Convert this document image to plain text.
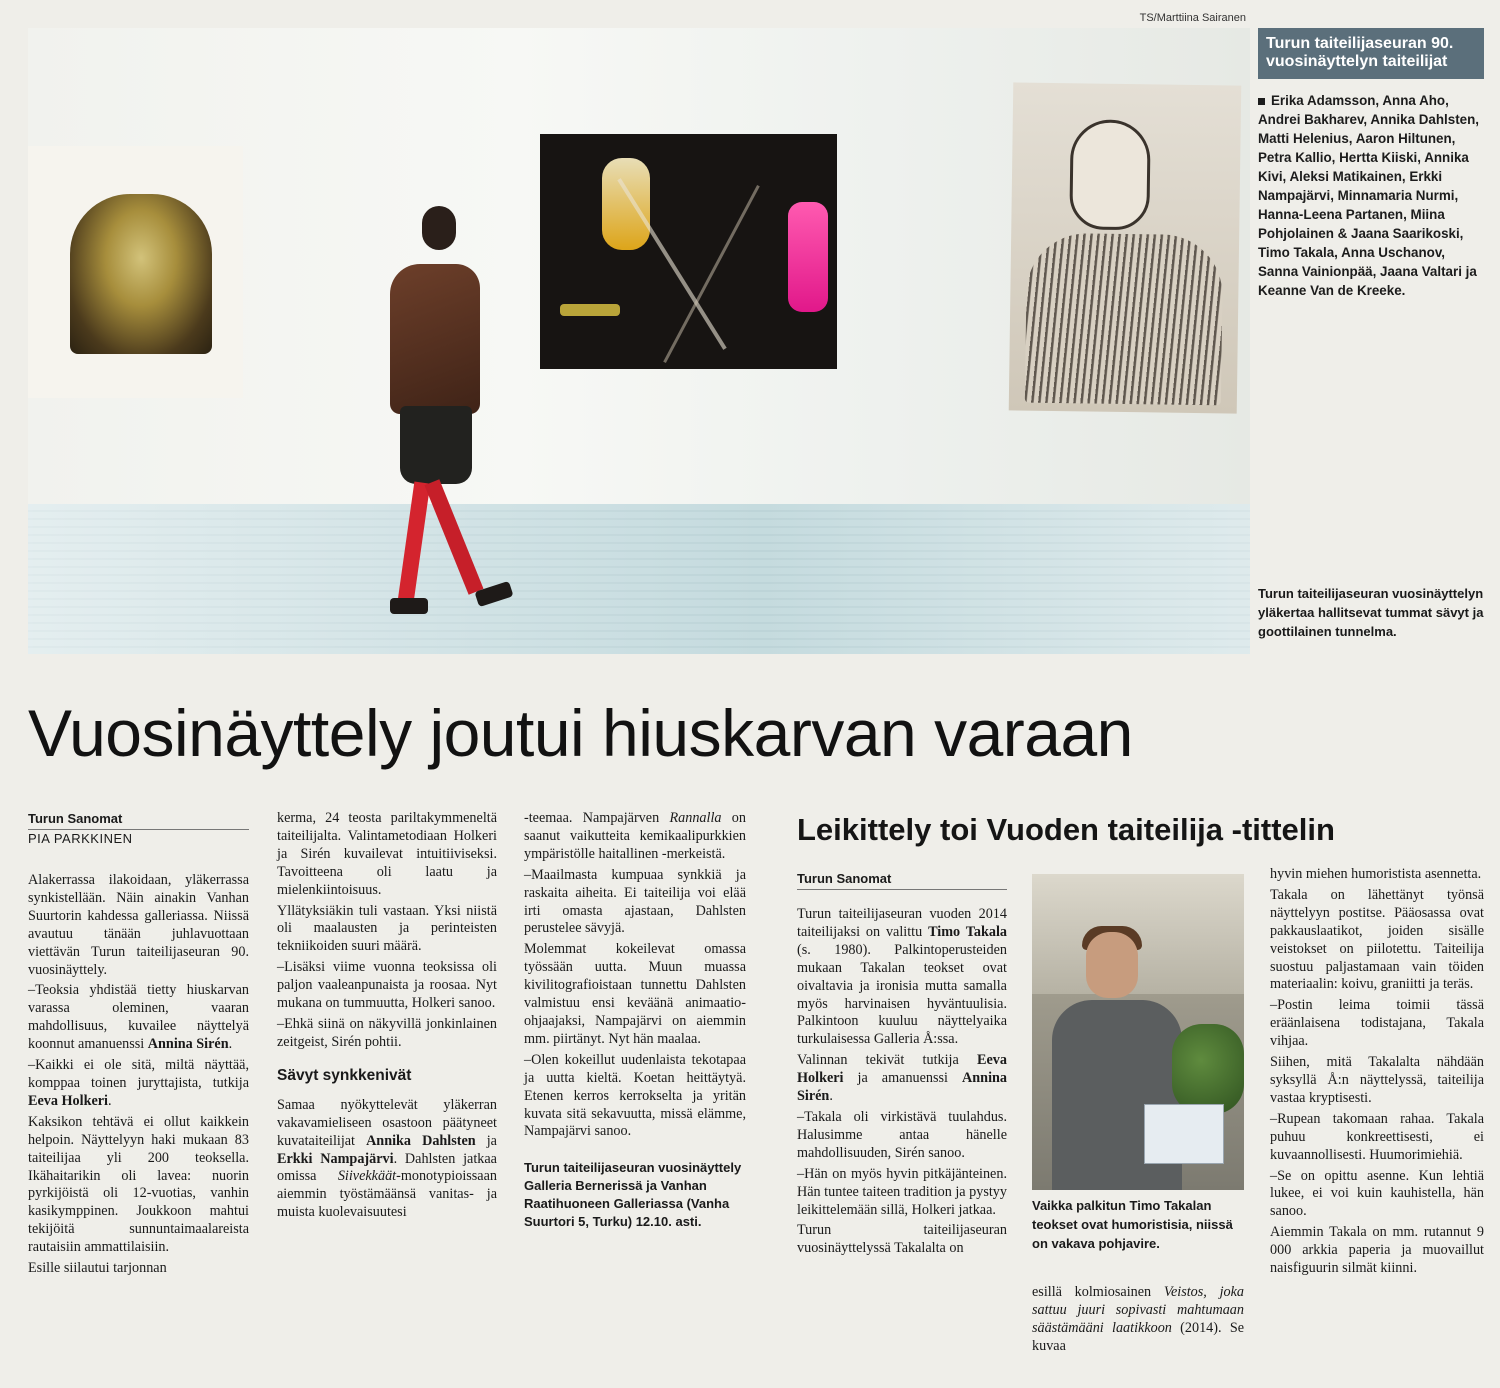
TS/Marttiina Sairanen
Turun taiteilijaseuran 90. vuosinäyttelyn taiteilijat
Erika Adamsson, Anna Aho, Andrei Bakharev, Annika Dahlsten, Matti Helenius, Aaron Hiltunen, Petra Kallio, Hertta Kiiski, Annika Kivi, Aleksi Matikainen, Erkki Nampajärvi, Minnamaria Nurmi, Hanna-Leena Partanen, Miina Pohjolainen & Jaana Saarikoski, Timo Takala, Anna Uschanov, Sanna Vainionpää, Jaana Valtari ja Keanne Van de Kreeke.
Turun taiteilijaseuran vuosinäyttelyn yläkertaa hallitsevat tummat sävyt ja goottilainen tunnelma.
Vuosinäyttely joutui hiuskarvan varaan
Turun Sanomat
PIA PARKKINEN

Alakerrassa ilakoidaan, yläkerrassa synkistellään. Näin ainakin Vanhan Suurtorin kahdessa galleriassa. Niissä avautuu tänään juhlavuottaan viettävän Turun taiteilijaseuran 90. vuosinäyttely.

–Teoksia yhdistää tietty hiuskarvan varassa oleminen, vaaran mahdollisuus, kuvailee näyttelyä koonnut amanuenssi Annina Sirén.

–Kaikki ei ole sitä, miltä näyttää, komppaa toinen juryttajista, tutkija Eeva Holkeri.

Kaksikon tehtävä ei ollut kaikkein helpoin. Näyttelyyn haki mukaan 83 taiteilijaa yli 200 teoksella. Ikähaitarikin oli lavea: nuorin pyrkijöistä oli 12-vuotias, vanhin kasikymppinen. Joukkoon mahtui tekijöitä sunnuntaimaalareista rautaisiin ammattilaisiin.

Esille siilautui tarjonnan

kerma, 24 teosta pariltakymmeneltä taiteilijalta. Valintametodiaan Holkeri ja Sirén kuvailevat intuitiiviseksi. Tavoitteena oli laatu ja mielenkiintoisuus.

Yllätyksiäkin tuli vastaan. Yksi niistä oli maalausten ja perinteisten tekniikoiden suuri määrä.

–Lisäksi viime vuonna teoksissa oli paljon vaaleanpunaista ja roosaa. Nyt mukana on tummuutta, Holkeri sanoo.

–Ehkä siinä on näkyvillä jonkinlainen zeitgeist, Sirén pohtii.

Sävyt synkkenivät

Samaa nyökyttelevät yläkerran vakavamieliseen osastoon päätyneet kuvataiteilijat Annika Dahlsten ja Erkki Nampajärvi. Dahlsten jatkaa omissa Siivekkäät-monotypioissaan aiemmin työstämäänsä vanitas- ja muista kuolevaisuutesi

-teemaa. Nampajärven Rannalla on saanut vaikutteita kemikaalipurkkien ympäristölle haitallinen -merkeistä.

–Maailmasta kumpuaa synkkiä ja raskaita aiheita. Ei taiteilija voi elää irti omasta ajastaan, Dahlsten perustelee sävyjä.

Molemmat kokeilevat omassa työssään uutta. Muun muassa kivilitografioistaan tunnettu Dahlsten valmistuu ensi keväänä animaatio-ohjaajaksi, Nampajärvi on aiemmin mm. piirtänyt. Nyt hän maalaa.

–Olen kokeillut uudenlaista tekotapaa ja uutta kieltä. Koetan heittäytyä. Etenen kerros kerrokselta ja yritän kuvata sitä sekavuutta, missä elämme, Nampajärvi sanoo.

Turun taiteilijaseuran vuosinäyttely Galleria Bernerissä ja Vanhan Raatihuoneen Galleriassa (Vanha Suurtori 5, Turku) 12.10. asti.
Leikittely toi Vuoden taiteilija -tittelin
Turun Sanomat

Turun taiteilijaseuran vuoden 2014 taiteilijaksi on valittu Timo Takala (s. 1980). Palkintoperusteiden mukaan Takalan teokset ovat oivaltavia ja ironisia mutta samalla myös harvinaisen hyväntuulisia. Palkintoon kuuluu näyttelyaika turkulaisessa Galleria Å:ssa.

Valinnan tekivät tutkija Eeva Holkeri ja amanuenssi Annina Sirén.

–Takala oli virkistävä tuulahdus. Halusimme antaa hänelle mahdollisuuden, Sirén sanoo.

–Hän on myös hyvin pitkäjänteinen. Hän tuntee taiteen tradition ja pystyy leikittelemään sillä, Holkeri jatkaa.

Turun taiteilijaseuran vuosinäyttelyssä Takalalta on

Vaikka palkitun Timo Takalan teokset ovat humoristisia, niissä on vakava pohjavire.

esillä kolmiosainen Veistos, joka sattuu juuri sopivasti mahtumaan säästämääni laatikkoon (2014). Se kuvaa

hyvin miehen humoristista asennetta.

Takala on lähettänyt työnsä näyttelyyn postitse. Pääosassa ovat pakkauslaatikot, joiden sisälle veistokset on piilotettu. Taiteilija suostuu paljastamaan vain töiden materiaalin: koivu, graniitti ja teräs.

–Postin leima toimii tässä eräänlaisena todistajana, Takala vihjaa.

Siihen, mitä Takalalta nähdään syksyllä Å:n näyttelyssä, taiteilija vastaa kryptisesti.

–Rupean takomaan rahaa. Takala puhuu konkreettisesti, ei kuvaannollisesti. Huumorimiehiä.

–Se on opittu asenne. Kun lehtiä lukee, ei voi kuin kauhistella, hän sanoo.

Aiemmin Takala on mm. rutannut 9 000 arkkia paperia ja muovaillut naisfiguurin silmät kiinni.
